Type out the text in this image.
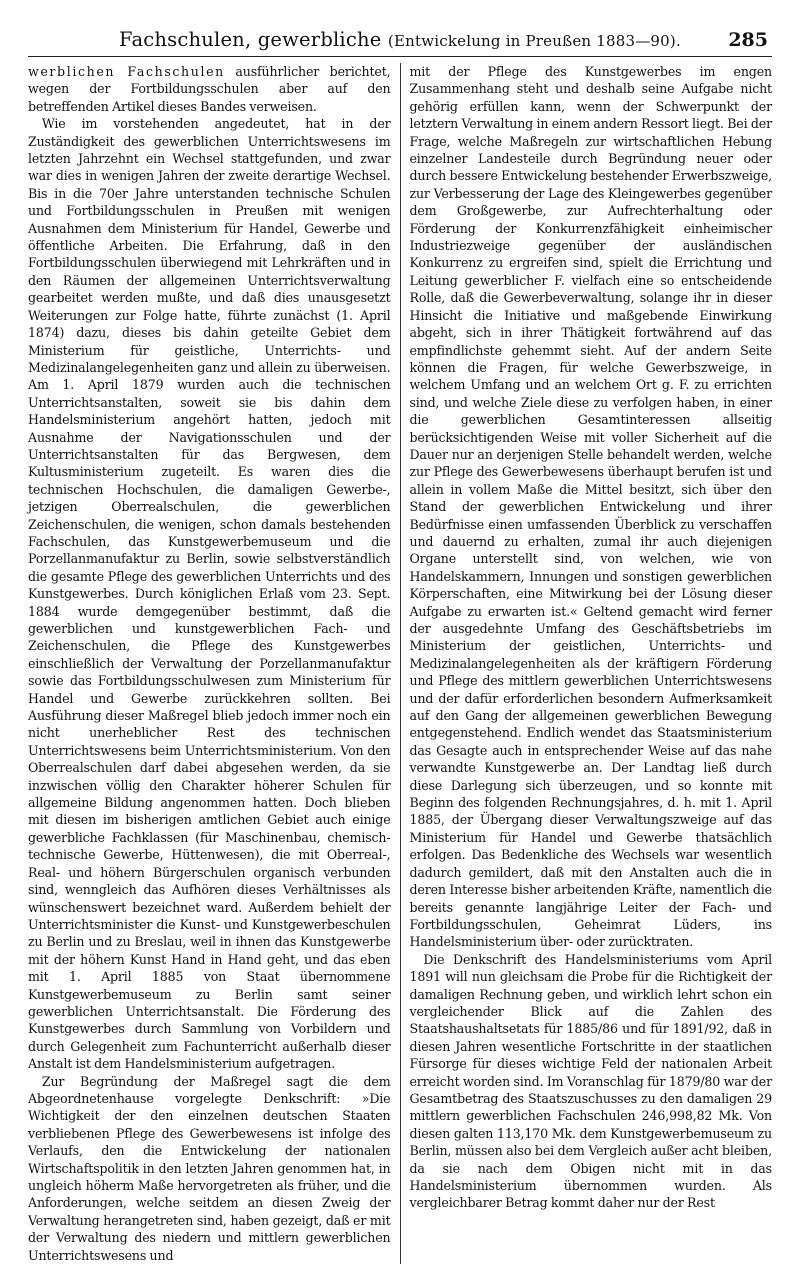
Fachschulen, gewerbliche (Entwickelung in Preußen 1883—90). 285

werblichen Fachschulen ausführlicher berichtet, wegen der Fortbildungsschulen aber auf den betreffenden Artikel dieses Bandes verweisen.

Wie im vorstehenden angedeutet, hat in der Zuständigkeit des gewerblichen Unterrichtswesens im letzten Jahrzehnt ein Wechsel stattgefunden, und zwar war dies in wenigen Jahren der zweite derartige Wechsel. Bis in die 70er Jahre unterstanden technische Schulen und Fortbildungsschulen in Preußen mit wenigen Ausnahmen dem Ministerium für Handel, Gewerbe und öffentliche Arbeiten. Die Erfahrung, daß in den Fortbildungsschulen überwiegend mit Lehrkräften und in den Räumen der allgemeinen Unterrichtsverwaltung gearbeitet werden mußte, und daß dies unausgesetzt Weiterungen zur Folge hatte, führte zunächst (1. April 1874) dazu, dieses bis dahin geteilte Gebiet dem Ministerium für geistliche, Unterrichts- und Medizinalangelegenheiten ganz und allein zu überweisen. Am 1. April 1879 wurden auch die technischen Unterrichtsanstalten, soweit sie bis dahin dem Handelsministerium angehört hatten, jedoch mit Ausnahme der Navigationsschulen und der Unterrichtsanstalten für das Bergwesen, dem Kultusministerium zugeteilt. Es waren dies die technischen Hochschulen, die damaligen Gewerbe-, jetzigen Oberrealschulen, die gewerblichen Zeichenschulen, die wenigen, schon damals bestehenden Fachschulen, das Kunstgewerbemuseum und die Porzellanmanufaktur zu Berlin, sowie selbstverständlich die gesamte Pflege des gewerblichen Unterrichts und des Kunstgewerbes. Durch königlichen Erlaß vom 23. Sept. 1884 wurde demgegenüber bestimmt, daß die gewerblichen und kunstgewerblichen Fach- und Zeichenschulen, die Pflege des Kunstgewerbes einschließlich der Verwaltung der Porzellanmanufaktur sowie das Fortbildungsschulwesen zum Ministerium für Handel und Gewerbe zurückkehren sollten. Bei Ausführung dieser Maßregel blieb jedoch immer noch ein nicht unerheblicher Rest des technischen Unterrichtswesens beim Unterrichtsministerium. Von den Oberrealschulen darf dabei abgesehen werden, da sie inzwischen völlig den Charakter höherer Schulen für allgemeine Bildung angenommen hatten. Doch blieben mit diesen im bisherigen amtlichen Gebiet auch einige gewerbliche Fachklassen (für Maschinenbau, chemisch-technische Gewerbe, Hüttenwesen), die mit Oberreal-, Real- und höhern Bürgerschulen organisch verbunden sind, wenngleich das Aufhören dieses Verhältnisses als wünschenswert bezeichnet ward. Außerdem behielt der Unterrichtsminister die Kunst- und Kunstgewerbeschulen zu Berlin und zu Breslau, weil in ihnen das Kunstgewerbe mit der höhern Kunst Hand in Hand geht, und das eben mit 1. April 1885 von Staat übernommene Kunstgewerbemuseum zu Berlin samt seiner gewerblichen Unterrichtsanstalt. Die Förderung des Kunstgewerbes durch Sammlung von Vorbildern und durch Gelegenheit zum Fachunterricht außerhalb dieser Anstalt ist dem Handelsministerium aufgetragen.

Zur Begründung der Maßregel sagt die dem Abgeordnetenhause vorgelegte Denkschrift: »Die Wichtigkeit der den einzelnen deutschen Staaten verbliebenen Pflege des Gewerbewesens ist infolge des Verlaufs, den die Entwickelung der nationalen Wirtschaftspolitik in den letzten Jahren genommen hat, in ungleich höherm Maße hervorgetreten als früher, und die Anforderungen, welche seitdem an diesen Zweig der Verwaltung herangetreten sind, haben gezeigt, daß er mit der Verwaltung des niedern und mittlern gewerblichen Unterrichtswesens und

mit der Pflege des Kunstgewerbes im engen Zusammenhang steht und deshalb seine Aufgabe nicht gehörig erfüllen kann, wenn der Schwerpunkt der letztern Verwaltung in einem andern Ressort liegt. Bei der Frage, welche Maßregeln zur wirtschaftlichen Hebung einzelner Landesteile durch Begründung neuer oder durch bessere Entwickelung bestehender Erwerbszweige, zur Verbesserung der Lage des Kleingewerbes gegenüber dem Großgewerbe, zur Aufrechterhaltung oder Förderung der Konkurrenzfähigkeit einheimischer Industriezweige gegenüber der ausländischen Konkurrenz zu ergreifen sind, spielt die Errichtung und Leitung gewerblicher F. vielfach eine so entscheidende Rolle, daß die Gewerbeverwaltung, solange ihr in dieser Hinsicht die Initiative und maßgebende Einwirkung abgeht, sich in ihrer Thätigkeit fortwährend auf das empfindlichste gehemmt sieht. Auf der andern Seite können die Fragen, für welche Gewerbszweige, in welchem Umfang und an welchem Ort g. F. zu errichten sind, und welche Ziele diese zu verfolgen haben, in einer die gewerblichen Gesamtinteressen allseitig berücksichtigenden Weise mit voller Sicherheit auf die Dauer nur an derjenigen Stelle behandelt werden, welche zur Pflege des Gewerbewesens überhaupt berufen ist und allein in vollem Maße die Mittel besitzt, sich über den Stand der gewerblichen Entwickelung und ihrer Bedürfnisse einen umfassenden Überblick zu verschaffen und dauernd zu erhalten, zumal ihr auch diejenigen Organe unterstellt sind, von welchen, wie von Handelskammern, Innungen und sonstigen gewerblichen Körperschaften, eine Mitwirkung bei der Lösung dieser Aufgabe zu erwarten ist.« Geltend gemacht wird ferner der ausgedehnte Umfang des Geschäftsbetriebs im Ministerium der geistlichen, Unterrichts- und Medizinalangelegenheiten als der kräftigern Förderung und Pflege des mittlern gewerblichen Unterrichtswesens und der dafür erforderlichen besondern Aufmerksamkeit auf den Gang der allgemeinen gewerblichen Bewegung entgegenstehend. Endlich wendet das Staatsministerium das Gesagte auch in entsprechender Weise auf das nahe verwandte Kunstgewerbe an. Der Landtag ließ durch diese Darlegung sich überzeugen, und so konnte mit Beginn des folgenden Rechnungsjahres, d. h. mit 1. April 1885, der Übergang dieser Verwaltungszweige auf das Ministerium für Handel und Gewerbe thatsächlich erfolgen. Das Bedenkliche des Wechsels war wesentlich dadurch gemildert, daß mit den Anstalten auch die in deren Interesse bisher arbeitenden Kräfte, namentlich die bereits genannte langjährige Leiter der Fach- und Fortbildungsschulen, Geheimrat Lüders, ins Handelsministerium über- oder zurücktraten.

Die Denkschrift des Handelsministeriums vom April 1891 will nun gleichsam die Probe für die Richtigkeit der damaligen Rechnung geben, und wirklich lehrt schon ein vergleichender Blick auf die Zahlen des Staatshaushaltsetats für 1885/86 und für 1891/92, daß in diesen Jahren wesentliche Fortschritte in der staatlichen Fürsorge für dieses wichtige Feld der nationalen Arbeit erreicht worden sind. Im Voranschlag für 1879/80 war der Gesamtbetrag des Staatszuschusses zu den damaligen 29 mittlern gewerblichen Fachschulen 246,998,82 Mk. Von diesen galten 113,170 Mk. dem Kunstgewerbemuseum zu Berlin, müssen also bei dem Vergleich außer acht bleiben, da sie nach dem Obigen nicht mit in das Handelsministerium übernommen wurden. Als vergleichbarer Betrag kommt daher nur der Rest
